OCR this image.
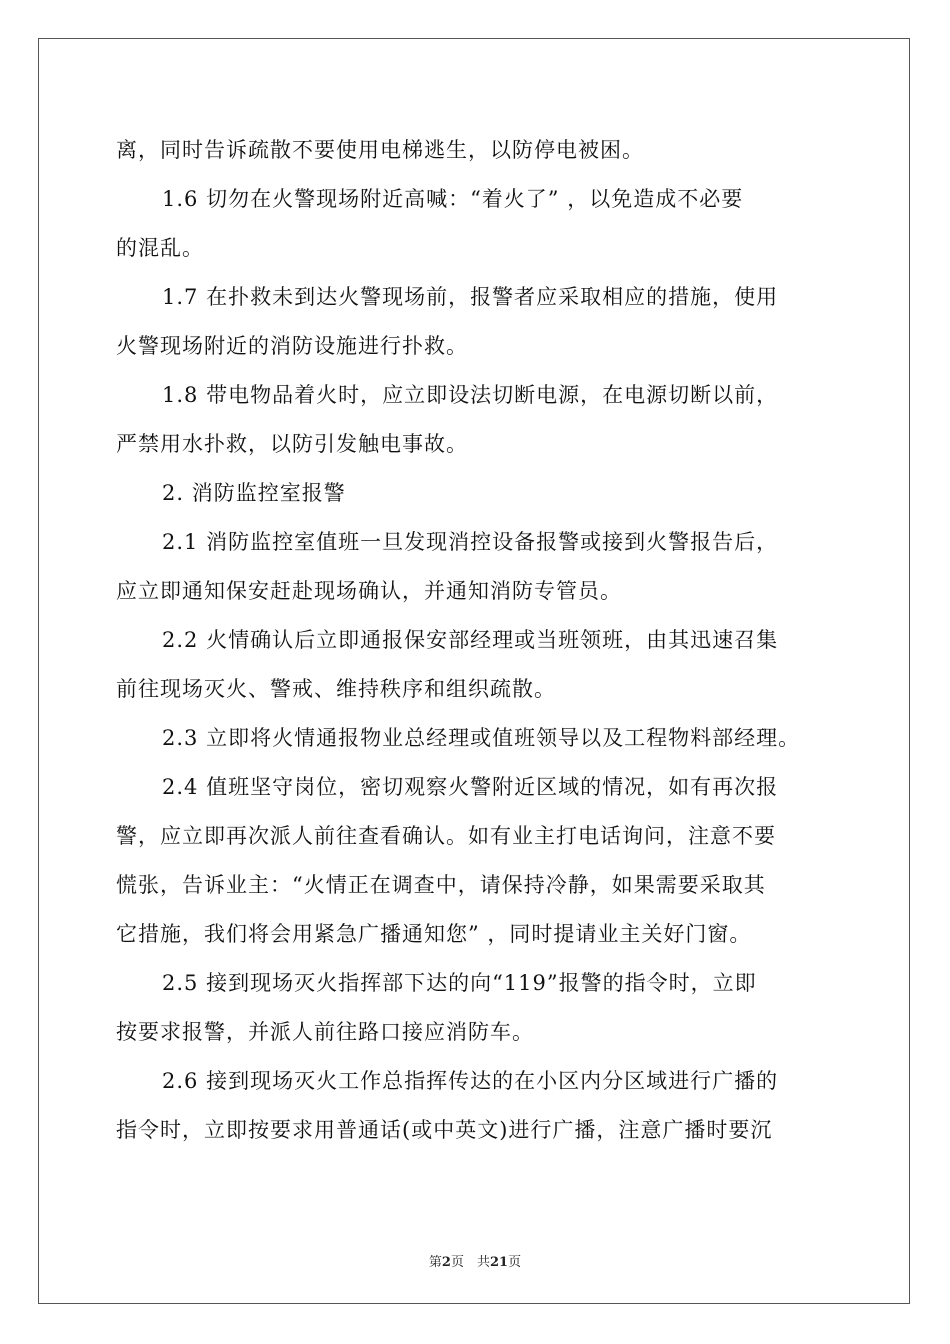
离，同时告诉疏散不要使用电梯逃生，以防停电被困。
1.6 切勿在火警现场附近高喊：“着火了” ，以免造成不必要
的混乱。
1.7 在扑救未到达火警现场前，报警者应采取相应的措施，使用
火警现场附近的消防设施进行扑救。
1.8 带电物品着火时，应立即设法切断电源，在电源切断以前，
严禁用水扑救，以防引发触电事故。
2. 消防监控室报警
2.1 消防监控室值班一旦发现消控设备报警或接到火警报告后，
应立即通知保安赶赴现场确认，并通知消防专管员。
2.2 火情确认后立即通报保安部经理或当班领班，由其迅速召集
前往现场灭火、警戒、维持秩序和组织疏散。
2.3 立即将火情通报物业总经理或值班领导以及工程物料部经理。
2.4 值班坚守岗位，密切观察火警附近区域的情况，如有再次报
警，应立即再次派人前往查看确认。如有业主打电话询问，注意不要
慌张，告诉业主：“火情正在调查中，请保持冷静，如果需要采取其
它措施，我们将会用紧急广播通知您” ，同时提请业主关好门窗。
2.5 接到现场灭火指挥部下达的向“119”报警的指令时，立即
按要求报警，并派人前往路口接应消防车。
2.6 接到现场灭火工作总指挥传达的在小区内分区域进行广播的
指令时，立即按要求用普通话(或中英文)进行广播，注意广播时要沉
第2页　共21页
